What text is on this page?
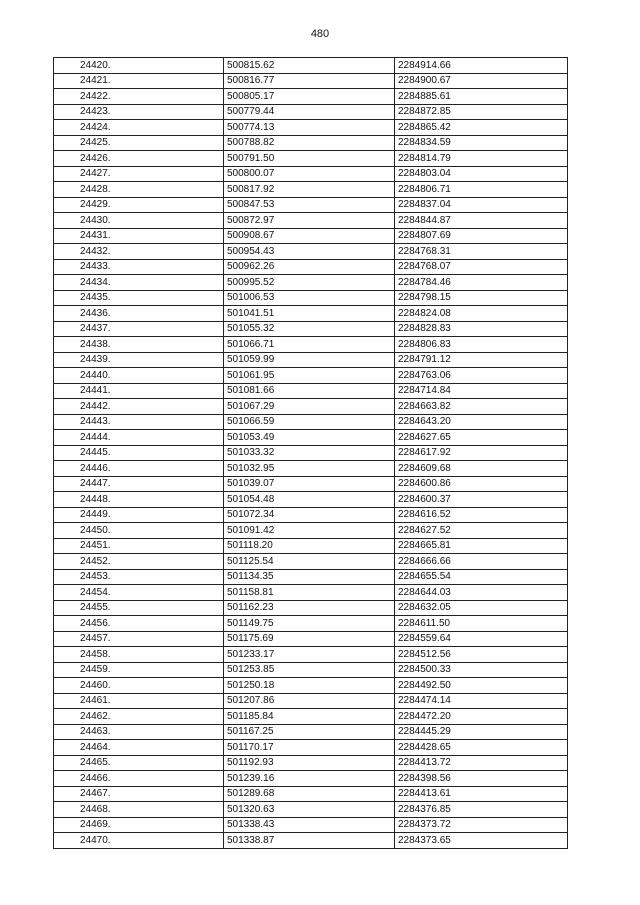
480
24420.	500815.62	2284914.66
24421.	500816.77	2284900.67
24422.	500805.17	2284885.61
24423.	500779.44	2284872.85
24424.	500774.13	2284865.42
24425.	500788.82	2284834.59
24426.	500791.50	2284814.79
24427.	500800.07	2284803.04
24428.	500817.92	2284806.71
24429.	500847.53	2284837.04
24430.	500872.97	2284844.87
24431.	500908.67	2284807.69
24432.	500954.43	2284768.31
24433.	500962.26	2284768.07
24434.	500995.52	2284784.46
24435.	501006.53	2284798.15
24436.	501041.51	2284824.08
24437.	501055.32	2284828.83
24438.	501066.71	2284806.83
24439.	501059.99	2284791.12
24440.	501061.95	2284763.06
24441.	501081.66	2284714.84
24442.	501067.29	2284663.82
24443.	501066.59	2284643.20
24444.	501053.49	2284627.65
24445.	501033.32	2284617.92
24446.	501032.95	2284609.68
24447.	501039.07	2284600.86
24448.	501054.48	2284600.37
24449.	501072.34	2284616.52
24450.	501091.42	2284627.52
24451.	501118.20	2284665.81
24452.	501125.54	2284666.66
24453.	501134.35	2284655.54
24454.	501158.81	2284644.03
24455.	501162.23	2284632.05
24456.	501149.75	2284611.50
24457.	501175.69	2284559.64
24458.	501233.17	2284512.56
24459.	501253.85	2284500.33
24460.	501250.18	2284492.50
24461.	501207.86	2284474.14
24462.	501185.84	2284472.20
24463.	501167.25	2284445.29
24464.	501170.17	2284428.65
24465.	501192.93	2284413.72
24466.	501239.16	2284398.56
24467.	501289.68	2284413.61
24468.	501320.63	2284376.85
24469.	501338.43	2284373.72
24470.	501338.87	2284373.65
